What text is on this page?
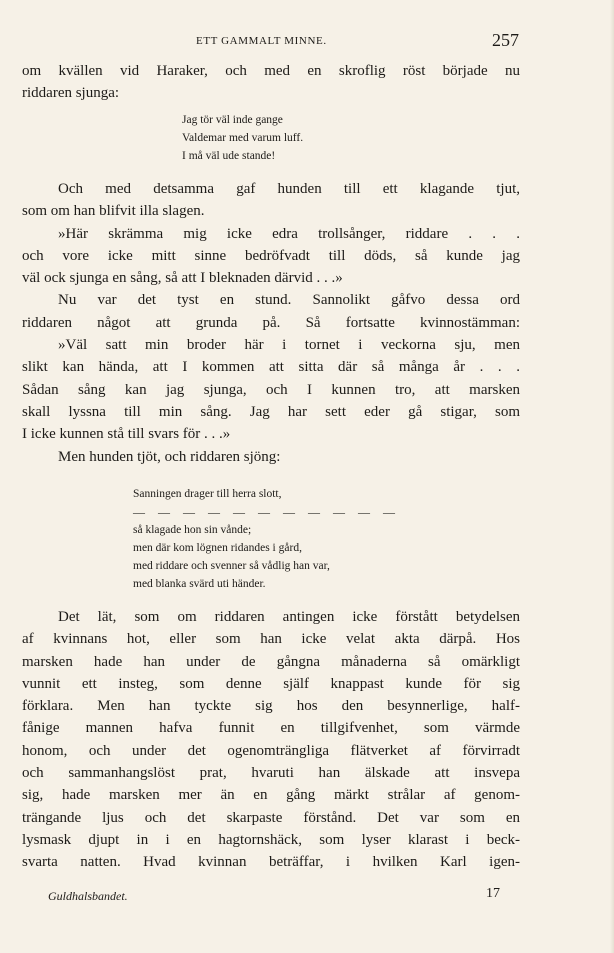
ETT GAMMALT MINNE.	257
om kvällen vid Haraker, och med en skroflig röst började nu
riddaren sjunga:
Jag tör väl inde gange
Valdemar med varum luff.
I må väl ude stande!
Och med detsamma gaf hunden till ett klagande tjut,
som om han blifvit illa slagen.
»Här skrämma mig icke edra trollsånger, riddare . . .
och vore icke mitt sinne bedröfvadt till döds, så kunde jag
väl ock sjunga en sång, så att I bleknaden därvid . . .»
Nu var det tyst en stund. Sannolikt gåfvo dessa ord
riddaren något att grunda på. Så fortsatte kvinnostämman:
»Väl satt min broder här i tornet i veckorna sju, men
slikt kan hända, att I kommen att sitta där så många år . . .
Sådan sång kan jag sjunga, och I kunnen tro, att marsken
skall lyssna till min sång. Jag har sett eder gå stigar, som
I icke kunnen stå till svars för . . .»
Men hunden tjöt, och riddaren sjöng:
Sanningen drager till herra slott,
— — — — — — — — — — —
så klagade hon sin vånde;
men där kom lögnen ridandes i gård,
med riddare och svenner så vådlig han var,
med blanka svärd uti händer.
Det lät, som om riddaren antingen icke förstått betydelsen
af kvinnans hot, eller som han icke velat akta därpå. Hos
marsken hade han under de gångna månaderna så omärkligt
vunnit ett insteg, som denne själf knappast kunde för sig
förklara. Men han tyckte sig hos den besynnerlige, half-
fånige mannen hafva funnit en tillgifvenhet, som värmde
honom, och under det ogenomträngliga flätverket af förvirradt
och sammanhangslöst prat, hvaruti han älskade att insvepa
sig, hade marsken mer än en gång märkt strålar af genom-
trängande ljus och det skarpaste förstånd. Det var som en
lysmask djupt in i en hagtornshäck, som lyser klarast i beck-
svarta natten. Hvad kvinnan beträffar, i hvilken Karl igen-
Guldhalsbandet.	17
